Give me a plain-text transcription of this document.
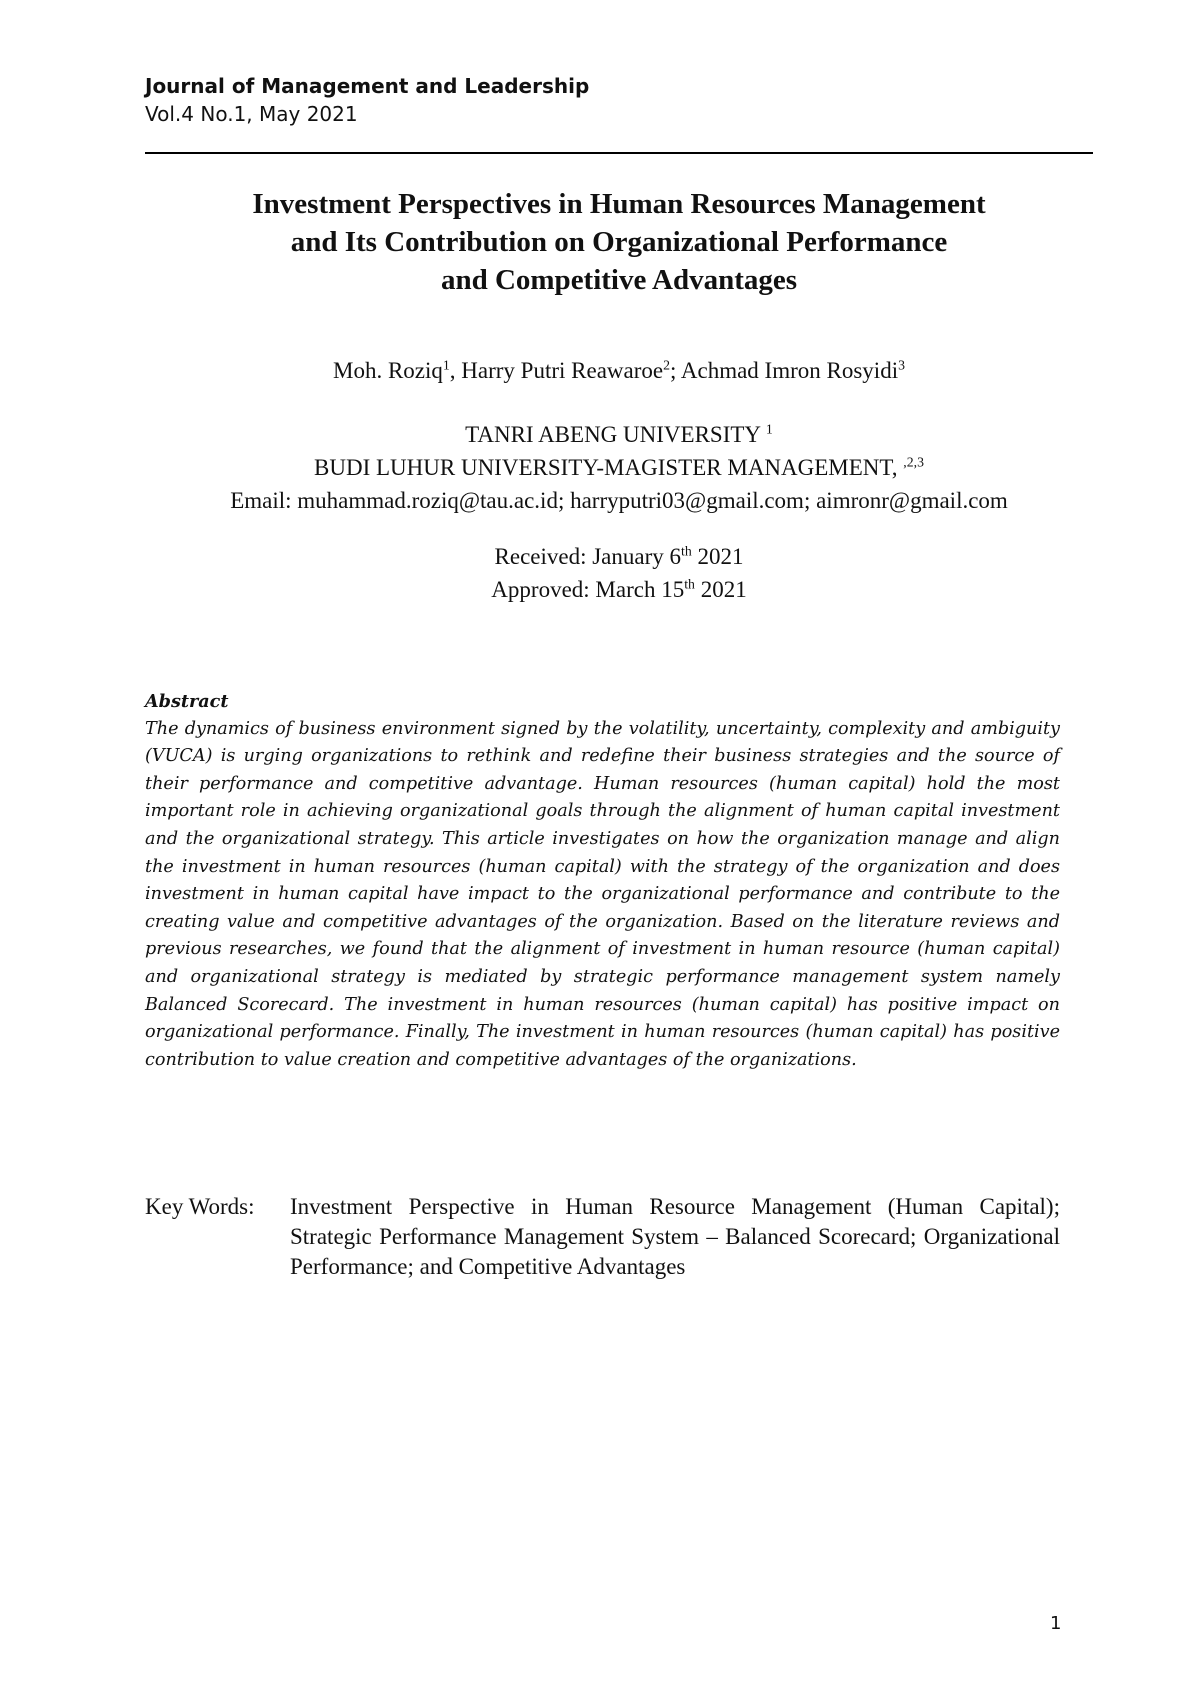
Journal of Management and Leadership
Vol.4 No.1, May 2021
Investment Perspectives in Human Resources Management
and Its Contribution on Organizational Performance
and Competitive Advantages
Moh. Roziq$^1$, Harry Putri Reawaroe$^2$; Achmad Imron Rosyidi$^3$
TANRI ABENG UNIVERSITY $^1$
BUDI LUHUR UNIVERSITY-MAGISTER MANAGEMENT, $^{,2,3}$
Email: muhammad.roziq@tau.ac.id; harryputri03@gmail.com; aimronr@gmail.com
Received: January 6th 2021
Approved: March 15th 2021
Abstract
The dynamics of business environment signed by the volatility, uncertainty, complexity and ambiguity (VUCA) is urging organizations to rethink and redefine their business strategies and the source of their performance and competitive advantage. Human resources (human capital) hold the most important role in achieving organizational goals through the alignment of human capital investment and the organizational strategy. This article investigates on how the organization manage and align the investment in human resources (human capital) with the strategy of the organization and does investment in human capital have impact to the organizational performance and contribute to the creating value and competitive advantages of the organization. Based on the literature reviews and previous researches, we found that the alignment of investment in human resource (human capital) and organizational strategy is mediated by strategic performance management system namely Balanced Scorecard. The investment in human resources (human capital) has positive impact on organizational performance. Finally, The investment in human resources (human capital) has positive contribution to value creation and competitive advantages of the organizations.
Key Words: Investment Perspective in Human Resource Management (Human Capital); Strategic Performance Management System – Balanced Scorecard; Organizational Performance; and Competitive Advantages
1
